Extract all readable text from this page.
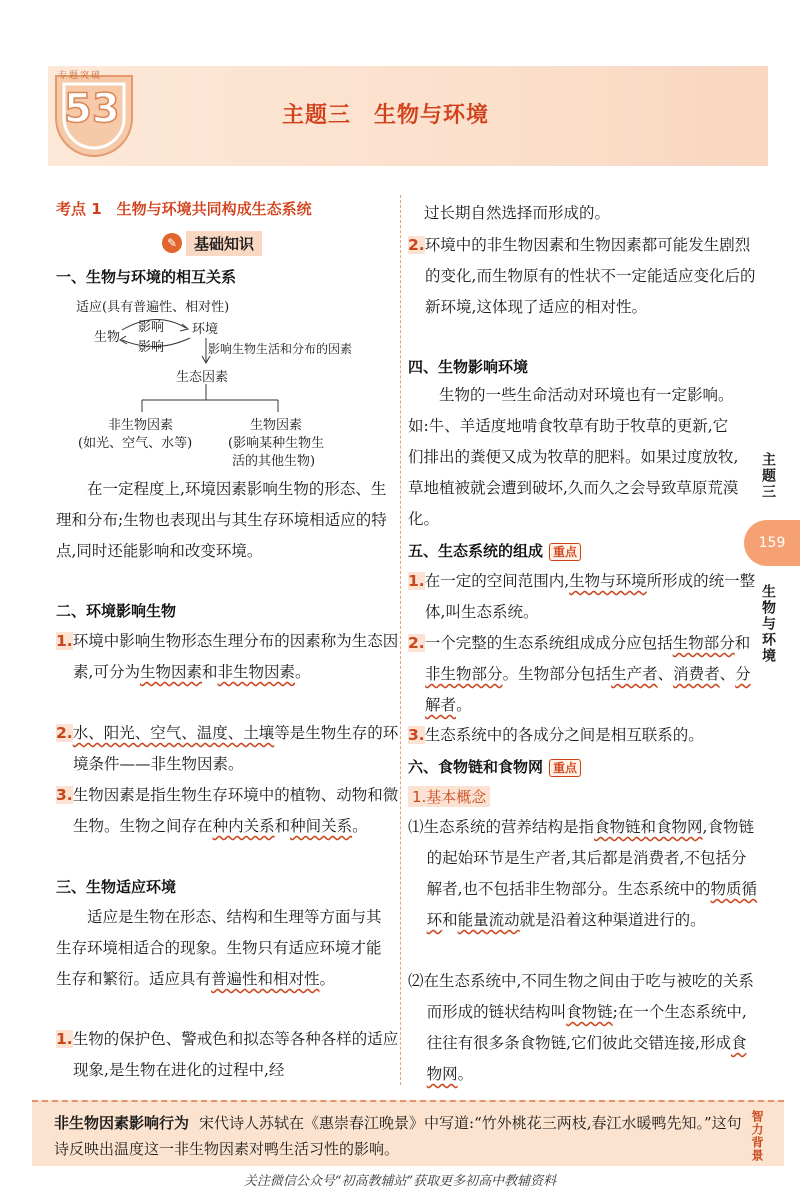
专题突破
53	主题三　生物与环境
考点 1　生物与环境共同构成生态系统
✎	基础知识
一、生物与环境的相互关系
适应(具有普遍性、相对性)
生物
影响
影响
环境
影响生物生活和分布的因素
生态因素
非生物因素
(如光、空气、水等)
生物因素
(影响某种生物生
活的其他生物)
在一定程度上,环境因素影响生物的形态、生理和分布;生物也表现出与其生存环境相适应的特点,同时还能影响和改变环境。
二、环境影响生物
1.环境中影响生物形态生理分布的因素称为生态因素,可分为生物因素和非生物因素。
2.水、阳光、空气、温度、土壤等是生物生存的环境条件——非生物因素。
3.生物因素是指生物生存环境中的植物、动物和微生物。生物之间存在种内关系和种间关系。
三、生物适应环境
适应是生物在形态、结构和生理等方面与其生存环境相适合的现象。生物只有适应环境才能生存和繁衍。适应具有普遍性和相对性。
1.生物的保护色、警戒色和拟态等各种各样的适应现象,是生物在进化的过程中,经
过长期自然选择而形成的。
2.环境中的非生物因素和生物因素都可能发生剧烈的变化,而生物原有的性状不一定能适应变化后的新环境,这体现了适应的相对性。
四、生物影响环境
生物的一些生命活动对环境也有一定影响。如:牛、羊适度地啃食牧草有助于牧草的更新,它们排出的粪便又成为牧草的肥料。如果过度放牧,草地植被就会遭到破坏,久而久之会导致草原荒漠化。
五、生态系统的组成 重点
1.在一定的空间范围内,生物与环境所形成的统一整体,叫生态系统。
2.一个完整的生态系统组成成分应包括生物部分和非生物部分。生物部分包括生产者、消费者、分解者。
3.生态系统中的各成分之间是相互联系的。
六、食物链和食物网 重点
1.基本概念
⑴生态系统的营养结构是指食物链和食物网,食物链的起始环节是生产者,其后都是消费者,不包括分解者,也不包括非生物部分。生态系统中的物质循环和能量流动就是沿着这种渠道进行的。
⑵在生态系统中,不同生物之间由于吃与被吃的关系而形成的链状结构叫食物链;在一个生态系统中,往往有很多条食物链,它们彼此交错连接,形成食物网。
主题三
159
生物与环境
非生物因素影响行为 宋代诗人苏轼在《惠崇春江晚景》中写道:“竹外桃花三两枝,春江水暖鸭先知。”这句诗反映出温度这一非生物因素对鸭生活习性的影响。	智力背景
关注微信公众号“初高教辅站”获取更多初高中教辅资料
